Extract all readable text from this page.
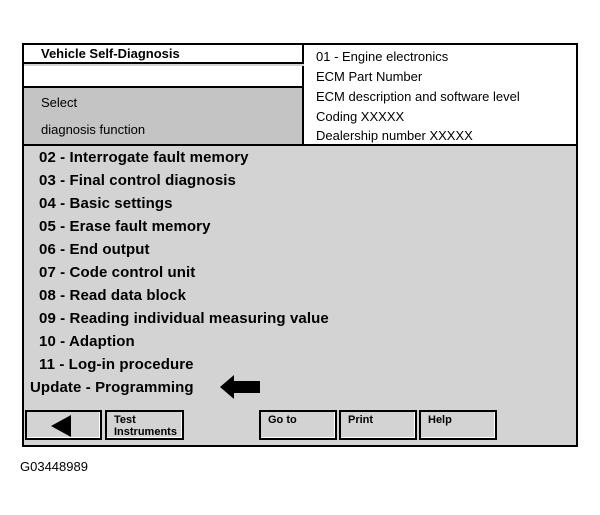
Vehicle Self-Diagnosis
Select
diagnosis function
01 - Engine electronics
ECM Part Number
ECM description and software level
Coding XXXXX
Dealership number XXXXX
02 - Interrogate fault memory
03 - Final control diagnosis
04 - Basic settings
05 - Erase fault memory
06 - End output
07 - Code control unit
08 - Read data block
09 - Reading individual measuring value
10 - Adaption
11 - Log-in procedure
Update - Programming
Test
Instruments
Go to	Print	Help
G03448989
